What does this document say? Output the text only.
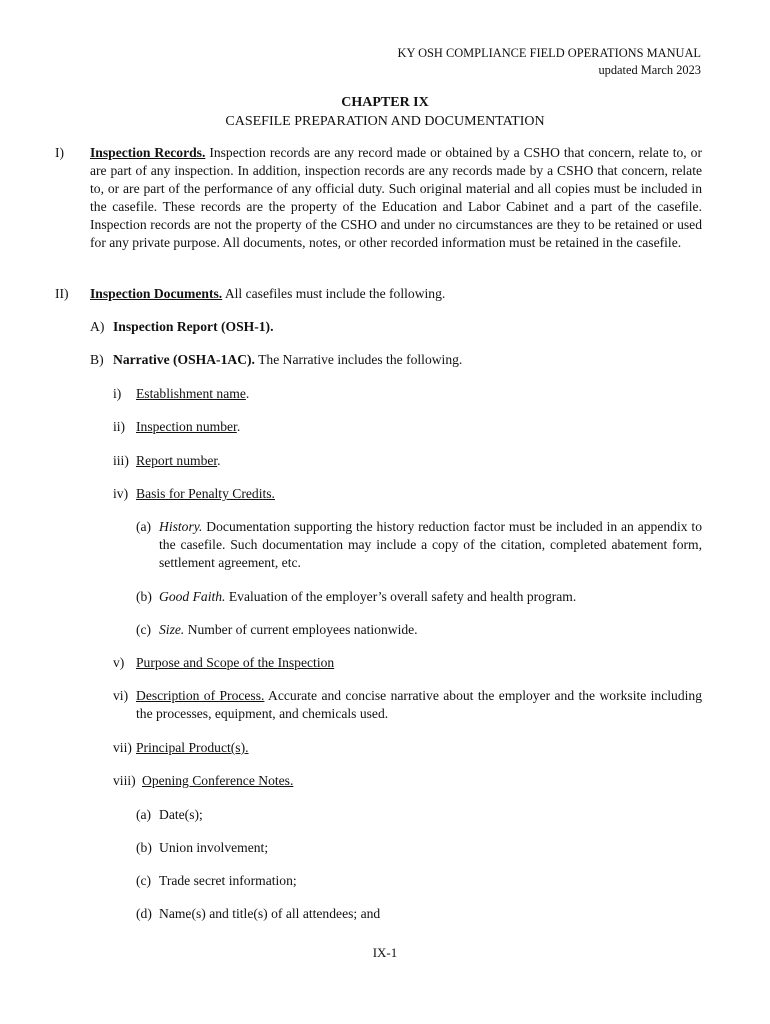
KY OSH COMPLIANCE FIELD OPERATIONS MANUAL
updated March 2023
CHAPTER IX
CASEFILE PREPARATION AND DOCUMENTATION
I) Inspection Records. Inspection records are any record made or obtained by a CSHO that concern, relate to, or are part of any inspection. In addition, inspection records are any records made by a CSHO that concern, relate to, or are part of the performance of any official duty. Such original material and all copies must be included in the casefile. These records are the property of the Education and Labor Cabinet and a part of the casefile. Inspection records are not the property of the CSHO and under no circumstances are they to be retained or used for any private purpose. All documents, notes, or other recorded information must be retained in the casefile.
II) Inspection Documents. All casefiles must include the following.
A) Inspection Report (OSH-1).
B) Narrative (OSHA-1AC). The Narrative includes the following.
i) Establishment name.
ii) Inspection number.
iii) Report number.
iv) Basis for Penalty Credits.
(a) History. Documentation supporting the history reduction factor must be included in an appendix to the casefile. Such documentation may include a copy of the citation, completed abatement form, settlement agreement, etc.
(b) Good Faith. Evaluation of the employer’s overall safety and health program.
(c) Size. Number of current employees nationwide.
v) Purpose and Scope of the Inspection
vi) Description of Process. Accurate and concise narrative about the employer and the worksite including the processes, equipment, and chemicals used.
vii) Principal Product(s).
viii) Opening Conference Notes.
(a) Date(s);
(b) Union involvement;
(c) Trade secret information;
(d) Name(s) and title(s) of all attendees; and
IX-1
